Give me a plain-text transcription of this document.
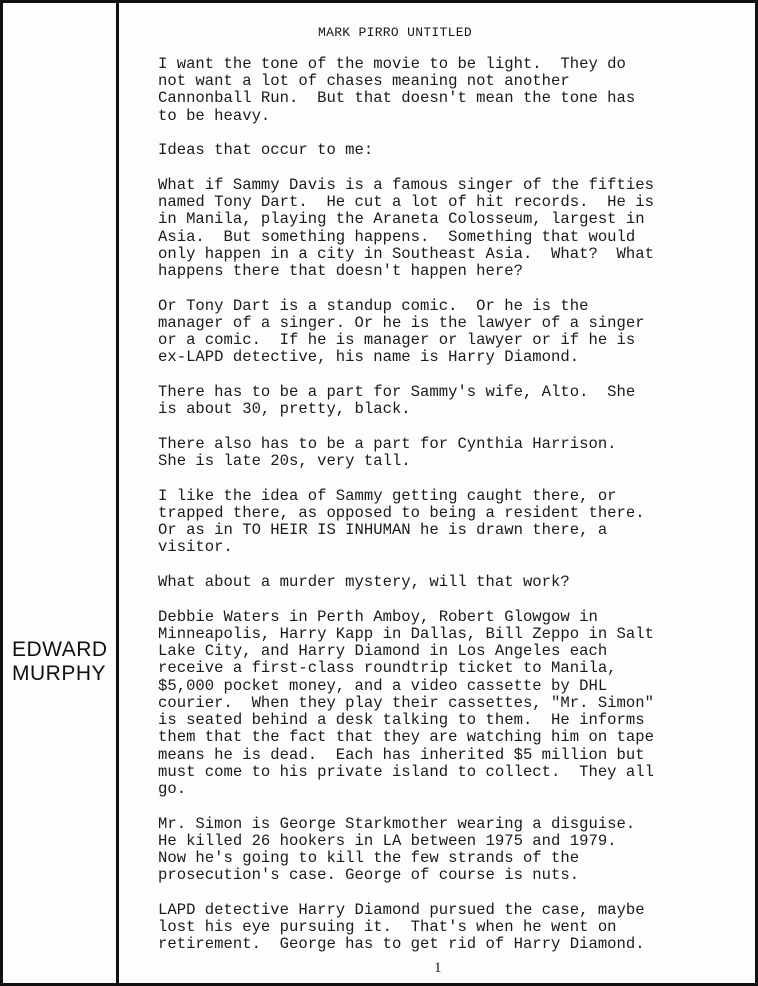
EDWARD
MURPHY
MARK PIRRO UNTITLED

I want the tone of the movie to be light.  They do
not want a lot of chases meaning not another
Cannonball Run.  But that doesn't mean the tone has
to be heavy.

Ideas that occur to me:

What if Sammy Davis is a famous singer of the fifties
named Tony Dart.  He cut a lot of hit records.  He is
in Manila, playing the Araneta Colosseum, largest in
Asia.  But something happens.  Something that would
only happen in a city in Southeast Asia.  What?  What
happens there that doesn't happen here?

Or Tony Dart is a standup comic.  Or he is the
manager of a singer. Or he is the lawyer of a singer
or a comic.  If he is manager or lawyer or if he is
ex-LAPD detective, his name is Harry Diamond.

There has to be a part for Sammy's wife, Alto.  She
is about 30, pretty, black.

There also has to be a part for Cynthia Harrison.
She is late 20s, very tall.

I like the idea of Sammy getting caught there, or
trapped there, as opposed to being a resident there.
Or as in TO HEIR IS INHUMAN he is drawn there, a
visitor.

What about a murder mystery, will that work?

Debbie Waters in Perth Amboy, Robert Glowgow in
Minneapolis, Harry Kapp in Dallas, Bill Zeppo in Salt
Lake City, and Harry Diamond in Los Angeles each
receive a first-class roundtrip ticket to Manila,
$5,000 pocket money, and a video cassette by DHL
courier.  When they play their cassettes, "Mr. Simon"
is seated behind a desk talking to them.  He informs
them that the fact that they are watching him on tape
means he is dead.  Each has inherited $5 million but
must come to his private island to collect.  They all
go.

Mr. Simon is George Starkmother wearing a disguise.
He killed 26 hookers in LA between 1975 and 1979.
Now he's going to kill the few strands of the
prosecution's case. George of course is nuts.

LAPD detective Harry Diamond pursued the case, maybe
lost his eye pursuing it.  That's when he went on
retirement.  George has to get rid of Harry Diamond.

1
